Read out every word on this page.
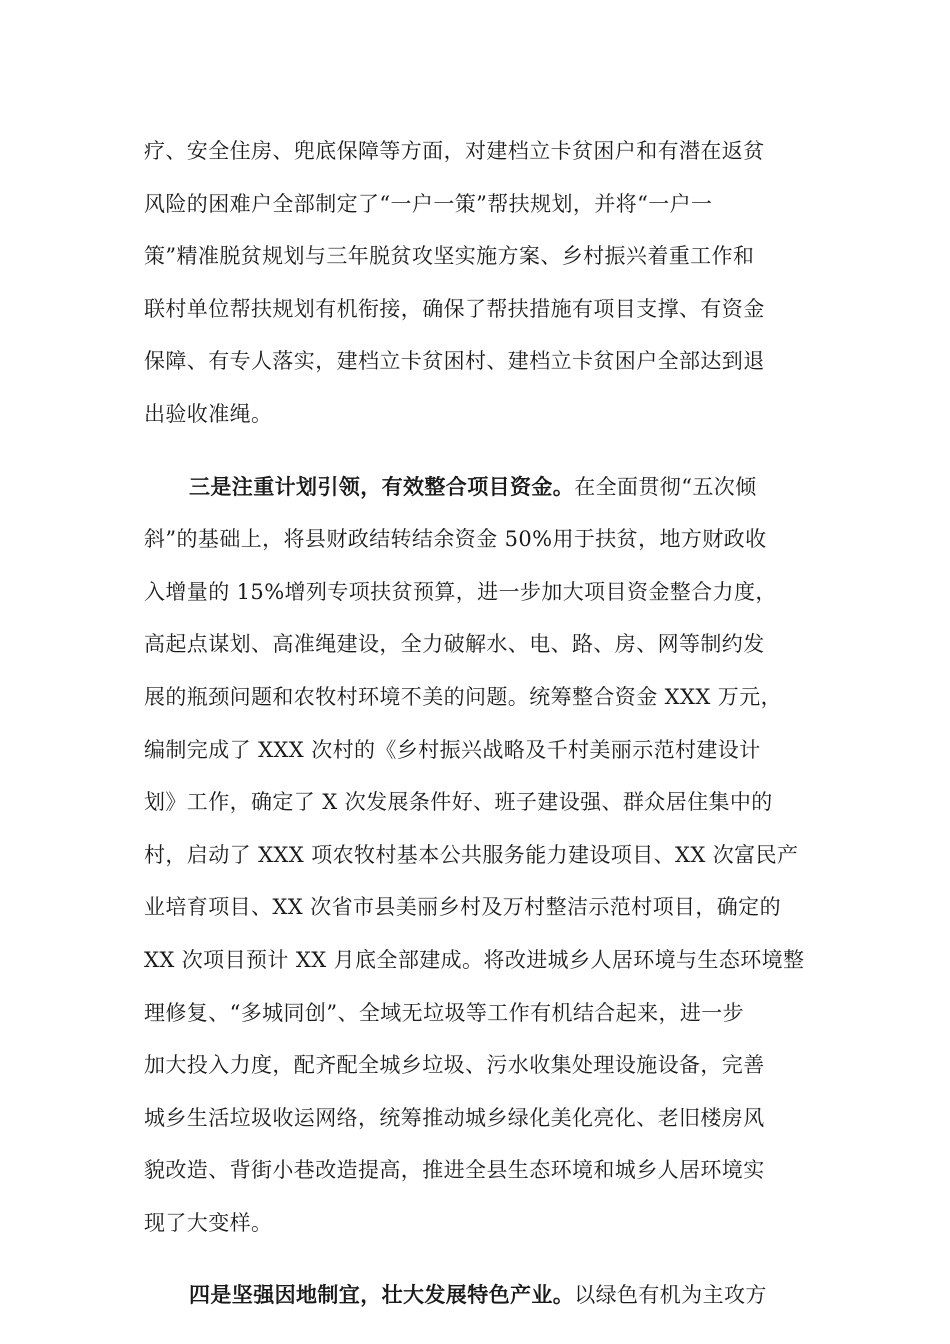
疗、安全住房、兜底保障等方面，对建档立卡贫困户和有潜在返贫
风险的困难户全部制定了“一户一策”帮扶规划，并将“一户一
策”精准脱贫规划与三年脱贫攻坚实施方案、乡村振兴着重工作和
联村单位帮扶规划有机衔接，确保了帮扶措施有项目支撑、有资金
保障、有专人落实，建档立卡贫困村、建档立卡贫困户全部达到退
出验收准绳。
三是注重计划引领，有效整合项目资金。在全面贯彻“五次倾
斜”的基础上，将县财政结转结余资金 50%用于扶贫，地方财政收
入增量的 15%增列专项扶贫预算，进一步加大项目资金整合力度，
高起点谋划、高准绳建设，全力破解水、电、路、房、网等制约发
展的瓶颈问题和农牧村环境不美的问题。统筹整合资金 XXX 万元，
编制完成了 XXX 次村的《乡村振兴战略及千村美丽示范村建设计
划》工作，确定了 X 次发展条件好、班子建设强、群众居住集中的
村，启动了 XXX 项农牧村基本公共服务能力建设项目、XX 次富民产
业培育项目、XX 次省市县美丽乡村及万村整洁示范村项目，确定的
XX 次项目预计 XX 月底全部建成。将改进城乡人居环境与生态环境整
理修复、“多城同创”、全域无垃圾等工作有机结合起来，进一步
加大投入力度，配齐配全城乡垃圾、污水收集处理设施设备，完善
城乡生活垃圾收运网络，统筹推动城乡绿化美化亮化、老旧楼房风
貌改造、背街小巷改造提高，推进全县生态环境和城乡人居环境实
现了大变样。
四是坚强因地制宜，壮大发展特色产业。以绿色有机为主攻方
